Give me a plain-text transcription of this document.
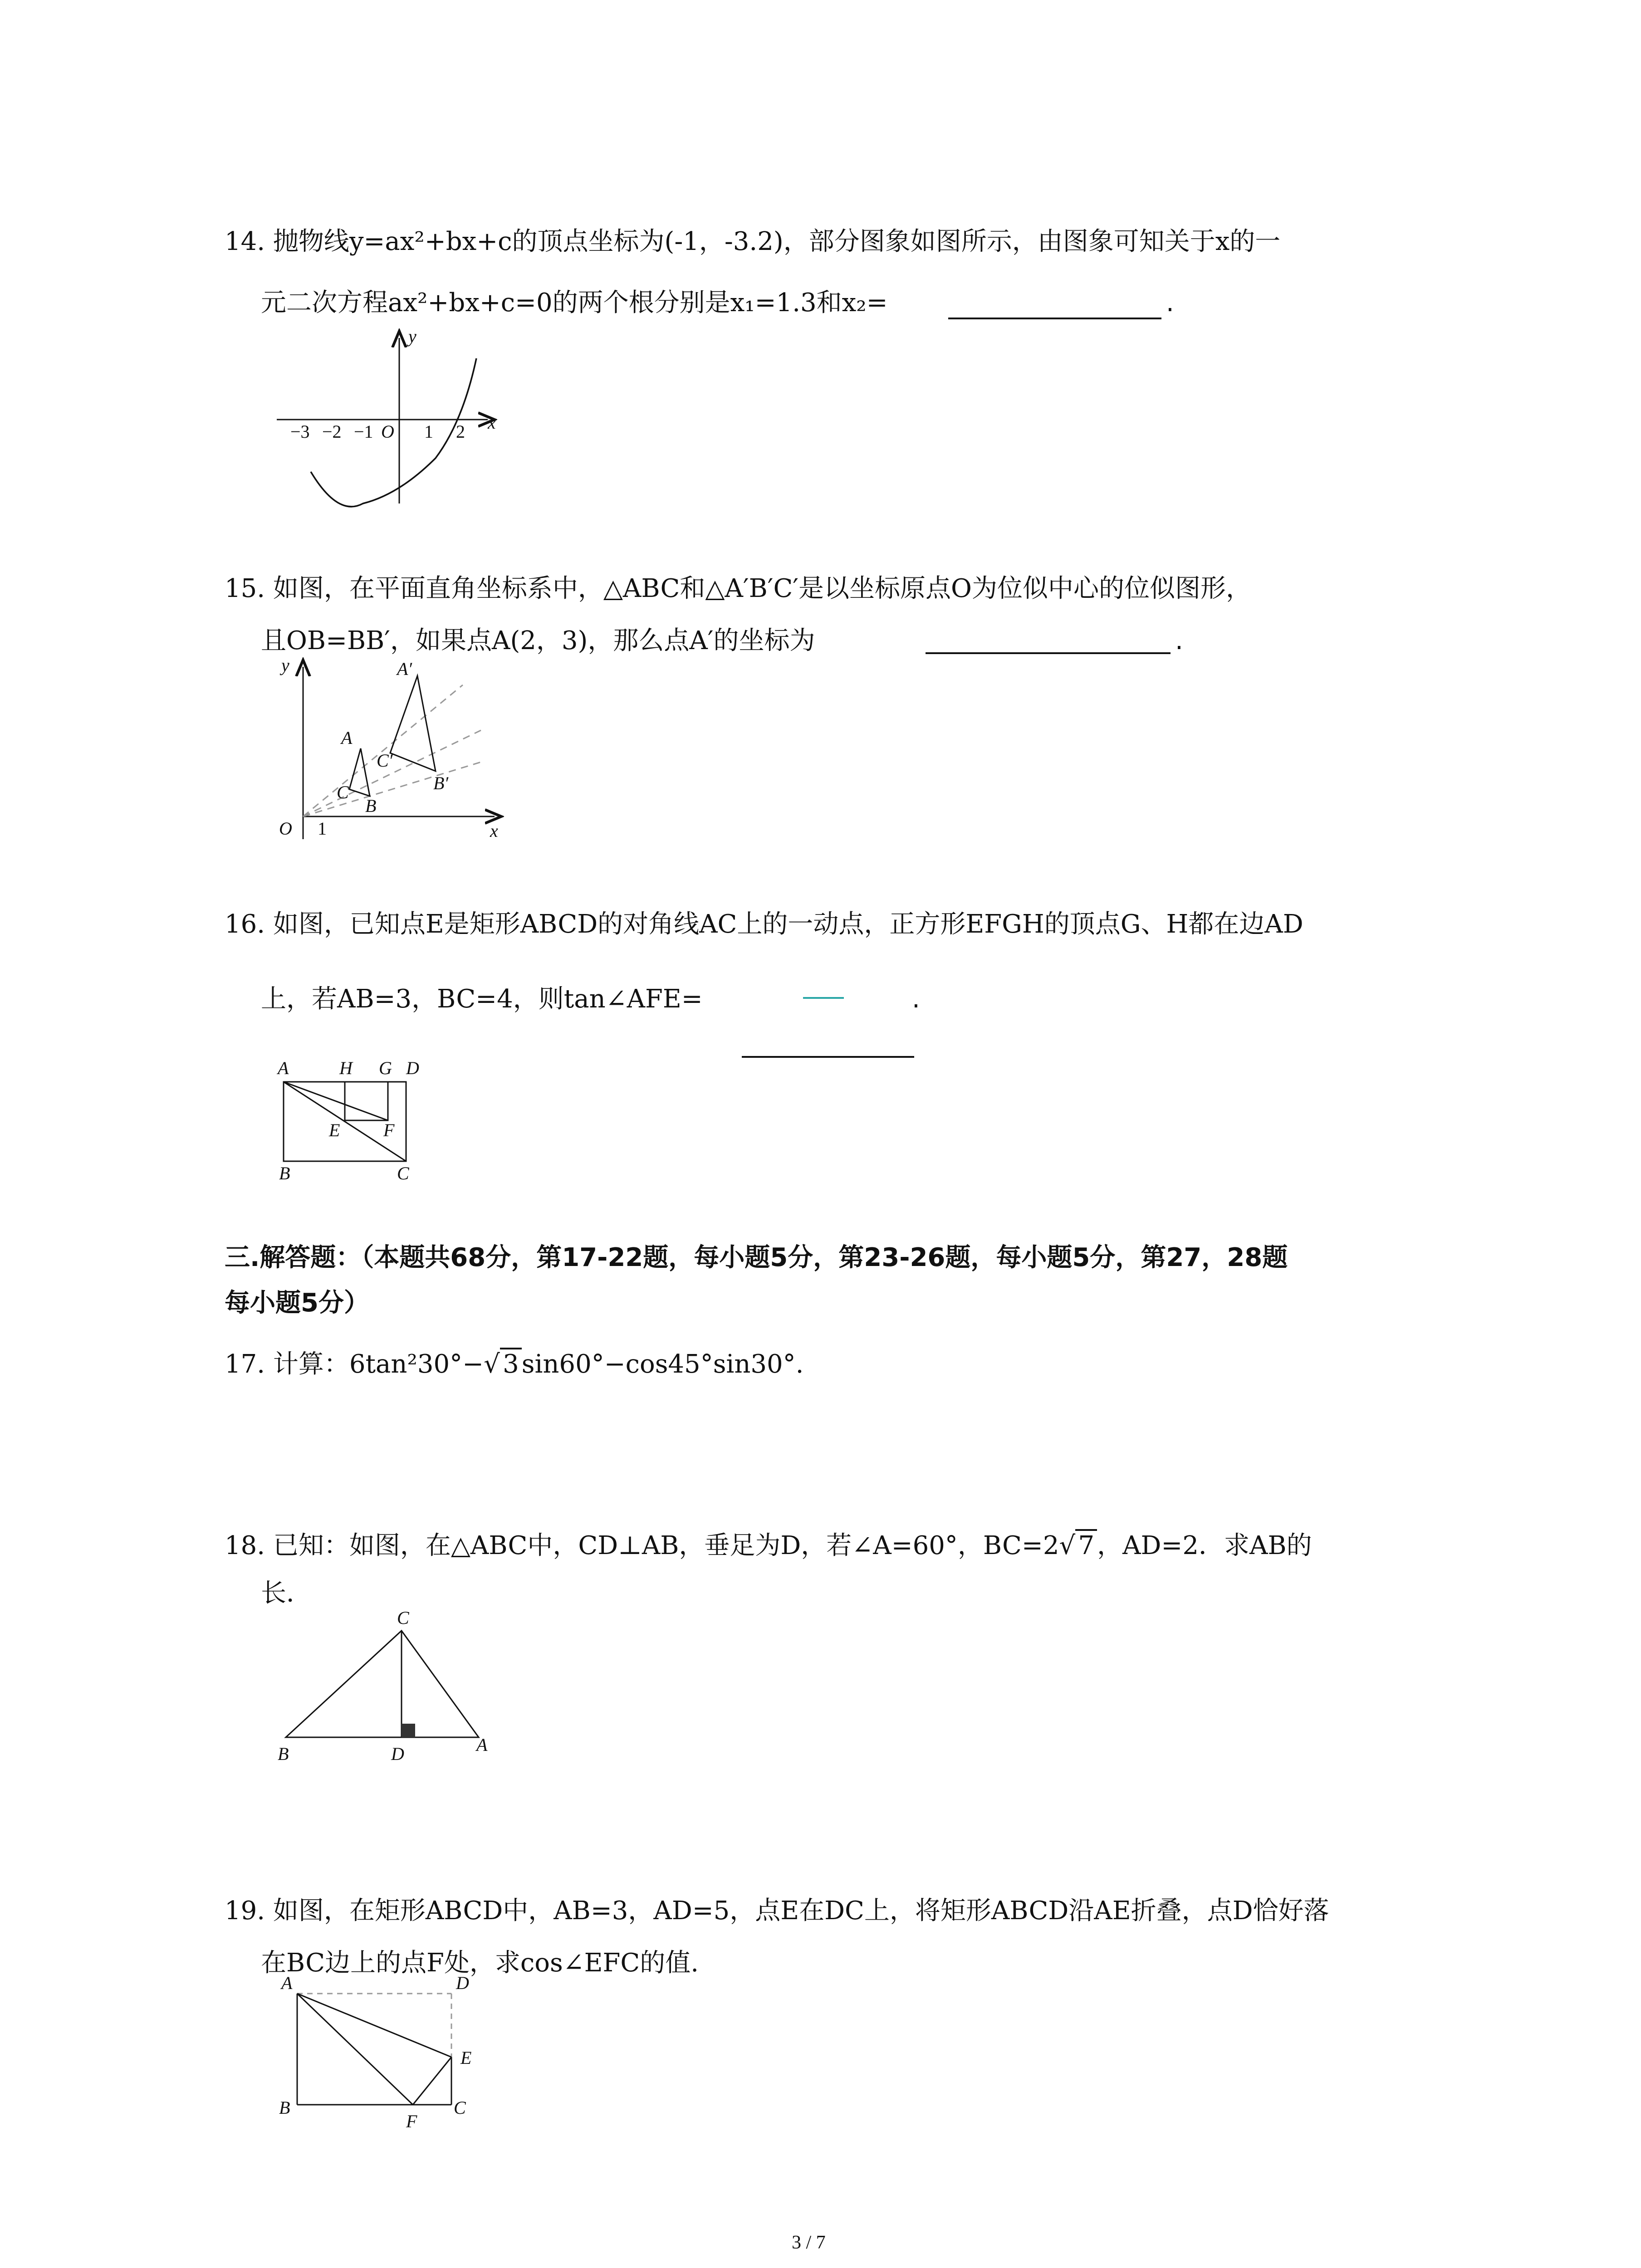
14. 抛物线y=ax²+bx+c的顶点坐标为(-1，-3.2)，部分图象如图所示，由图象可知关于x的一
元二次方程ax²+bx+c=0的两个根分别是x₁=1.3和x₂=	.
15. 如图，在平面直角坐标系中，△ABC和△A′B′C′是以坐标原点O为位似中心的位似图形，
且OB=BB′，如果点A(2，3)，那么点A′的坐标为	.
16. 如图，已知点E是矩形ABCD的对角线AC上的一动点，正方形EFGH的顶点G、H都在边AD
上，若AB=3，BC=4，则tan∠AFE=	.
三.解答题：（本题共68分，第17-22题，每小题5分，第23-26题，每小题5分，第27，28题
每小题5分）
17. 计算：6tan²30°−√ 3 sin60°−cos45°sin30°.
18. 已知：如图，在△ABC中，CD⊥AB，垂足为D，若∠A=60°，BC=2√ 7 ，AD=2．求AB的
长．
19. 如图，在矩形ABCD中，AB=3，AD=5，点E在DC上，将矩形ABCD沿AE折叠，点D恰好落
在BC边上的点F处，求cos∠EFC的值.
−3 −2 −1 O 1 2 x
y
y	A′
A
C′
B′
C
B
O 1	x
A	H G D
E F
B	C
C
B	D	A
A	D
E
B
F
C
3 / 7
